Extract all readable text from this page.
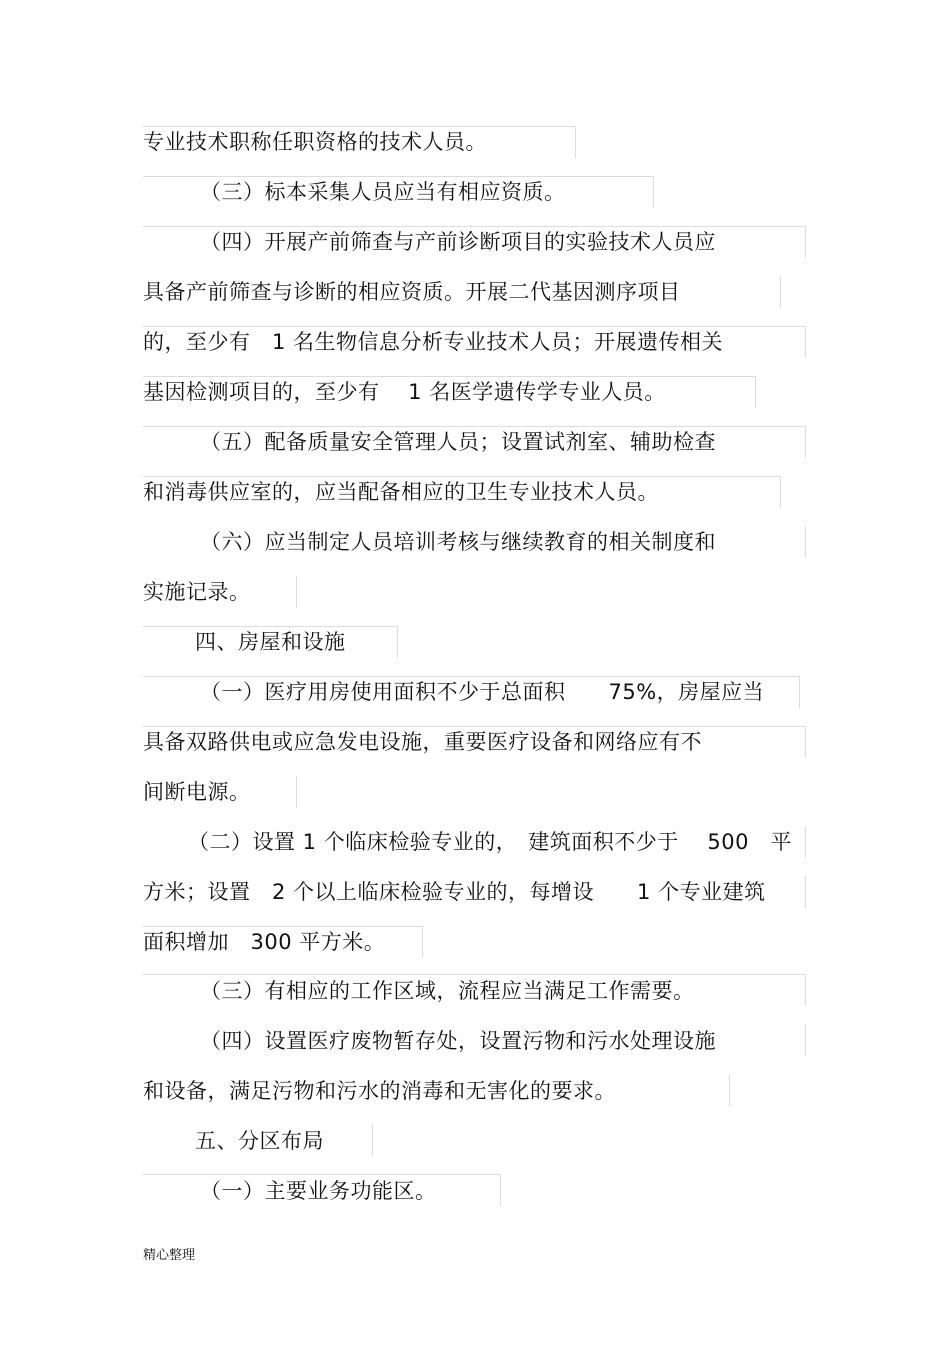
专业技术职称任职资格的技术人员。
（三）标本采集人员应当有相应资质。
（四）开展产前筛查与产前诊断项目的实验技术人员应
具备产前筛查与诊断的相应资质。开展二代基因测序项目
的，至少有　1 名生物信息分析专业技术人员；开展遗传相关
基因检测项目的，至少有　 1 名医学遗传学专业人员。
（五）配备质量安全管理人员；设置试剂室、辅助检查
和消毒供应室的，应当配备相应的卫生专业技术人员。
（六）应当制定人员培训考核与继续教育的相关制度和
实施记录。
四、房屋和设施
（一）医疗用房使用面积不少于总面积　　75%，房屋应当
具备双路供电或应急发电设施，重要医疗设备和网络应有不
间断电源。
（二）设置 1 个临床检验专业的，　建筑面积不少于　 500　平
方米；设置　2 个以上临床检验专业的，每增设　　1 个专业建筑
面积增加　300 平方米。
（三）有相应的工作区域，流程应当满足工作需要。
（四）设置医疗废物暂存处，设置污物和污水处理设施
和设备，满足污物和污水的消毒和无害化的要求。
五、分区布局
（一）主要业务功能区。
精心整理
